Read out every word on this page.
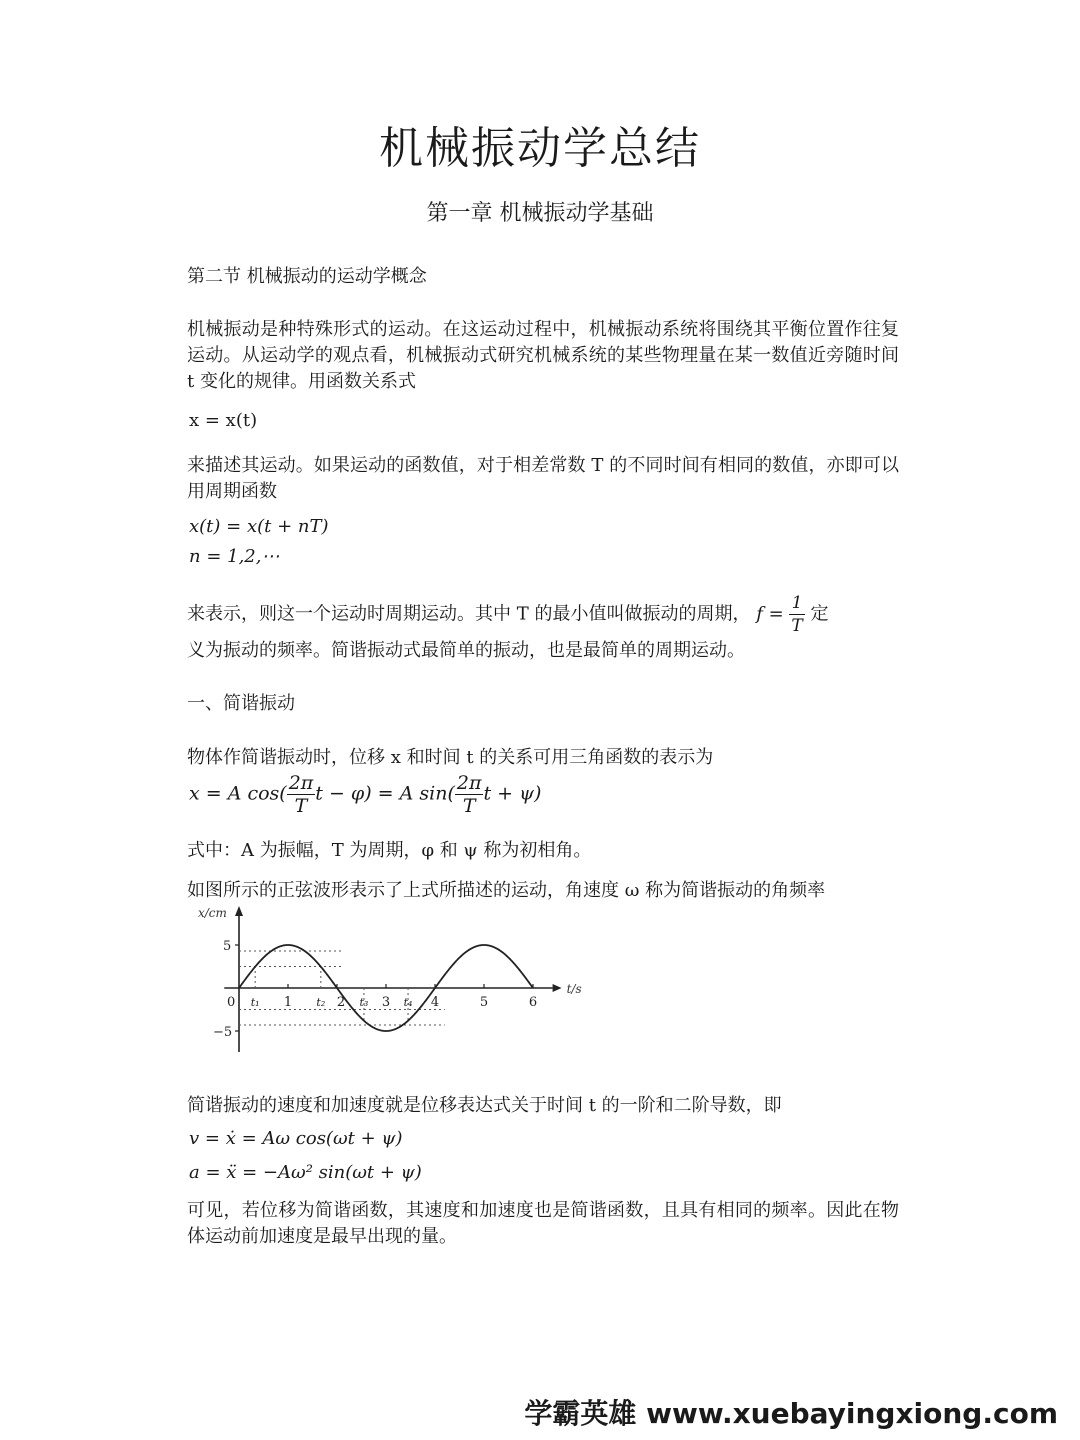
机械振动学总结
第一章 机械振动学基础
第二节 机械振动的运动学概念

机械振动是种特殊形式的运动。在这运动过程中，机械振动系统将围绕其平衡位置作往复运动。从运动学的观点看，机械振动式研究机械系统的某些物理量在某一数值近旁随时间 t 变化的规律。用函数关系式

x = x(t)

来描述其运动。如果运动的函数值，对于相差常数 T 的不同时间有相同的数值，亦即可以用周期函数

x(t) = x(t + nT)
n = 1,2,⋯
来表示，则这一个运动时周期运动。其中 T 的最小值叫做振动的周期， $f = \frac{1}{T}$ 定
义为振动的频率。简谐振动式最简单的振动，也是最简单的周期运动。
一、简谐振动
物体作简谐振动时，位移 x 和时间 t 的关系可用三角函数的表示为
x = A $\cos( \frac{2\pi}{T}$ t − φ) = A $\sin( \frac{2\pi}{T}$ t + ψ)
式中：A 为振幅，T 为周期，φ 和 ψ 称为初相角。
如图所示的正弦波形表示了上式所描述的运动，角速度 ω 称为简谐振动的角频率
x/cm
t/s
5
−5
0 t₁ 1 t₂ 2 t₃ 3 t₄ 4	5	6
简谐振动的速度和加速度就是位移表达式关于时间 t 的一阶和二阶导数，即
v = ẋ = Aω cos(ωt + ψ)
a = ẍ = −Aω² sin(ωt + ψ)

可见，若位移为简谐函数，其速度和加速度也是简谐函数，且具有相同的频率。因此在物体运动前加速度是最早出现的量。

学霸英雄 www.xuebayingxiong.com
